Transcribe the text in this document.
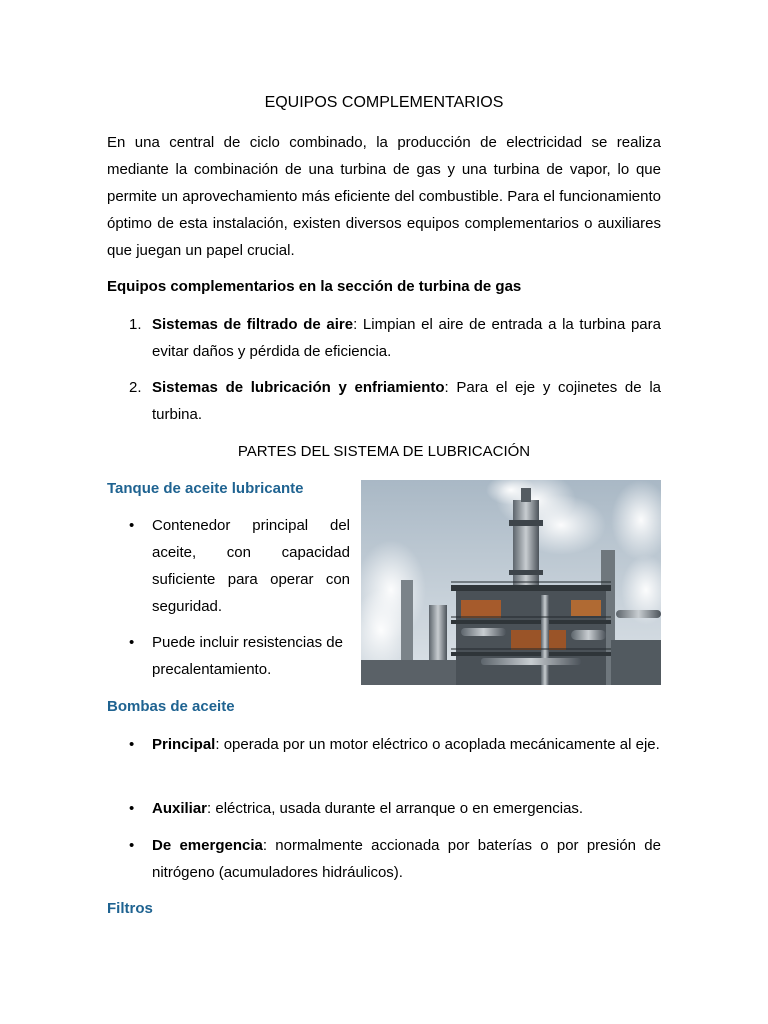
EQUIPOS COMPLEMENTARIOS

En una central de ciclo combinado, la producción de electricidad se realiza mediante la combinación de una turbina de gas y una turbina de vapor, lo que permite un aprovechamiento más eficiente del combustible. Para el funcionamiento óptimo de esta instalación, existen diversos equipos complementarios o auxiliares que juegan un papel crucial.

Equipos complementarios en la sección de turbina de gas

1. Sistemas de filtrado de aire: Limpian el aire de entrada a la turbina para evitar daños y pérdida de eficiencia.

2. Sistemas de lubricación y enfriamiento: Para el eje y cojinetes de la turbina.

PARTES DEL SISTEMA DE LUBRICACIÓN

Tanque de aceite lubricante

• Contenedor principal del aceite, con capacidad suficiente para operar con seguridad.

• Puede incluir resistencias de precalentamiento.

Bombas de aceite

• Principal: operada por un motor eléctrico o acoplada mecánicamente al eje.

• Auxiliar: eléctrica, usada durante el arranque o en emergencias.

• De emergencia: normalmente accionada por baterías o por presión de nitrógeno (acumuladores hidráulicos).

Filtros
